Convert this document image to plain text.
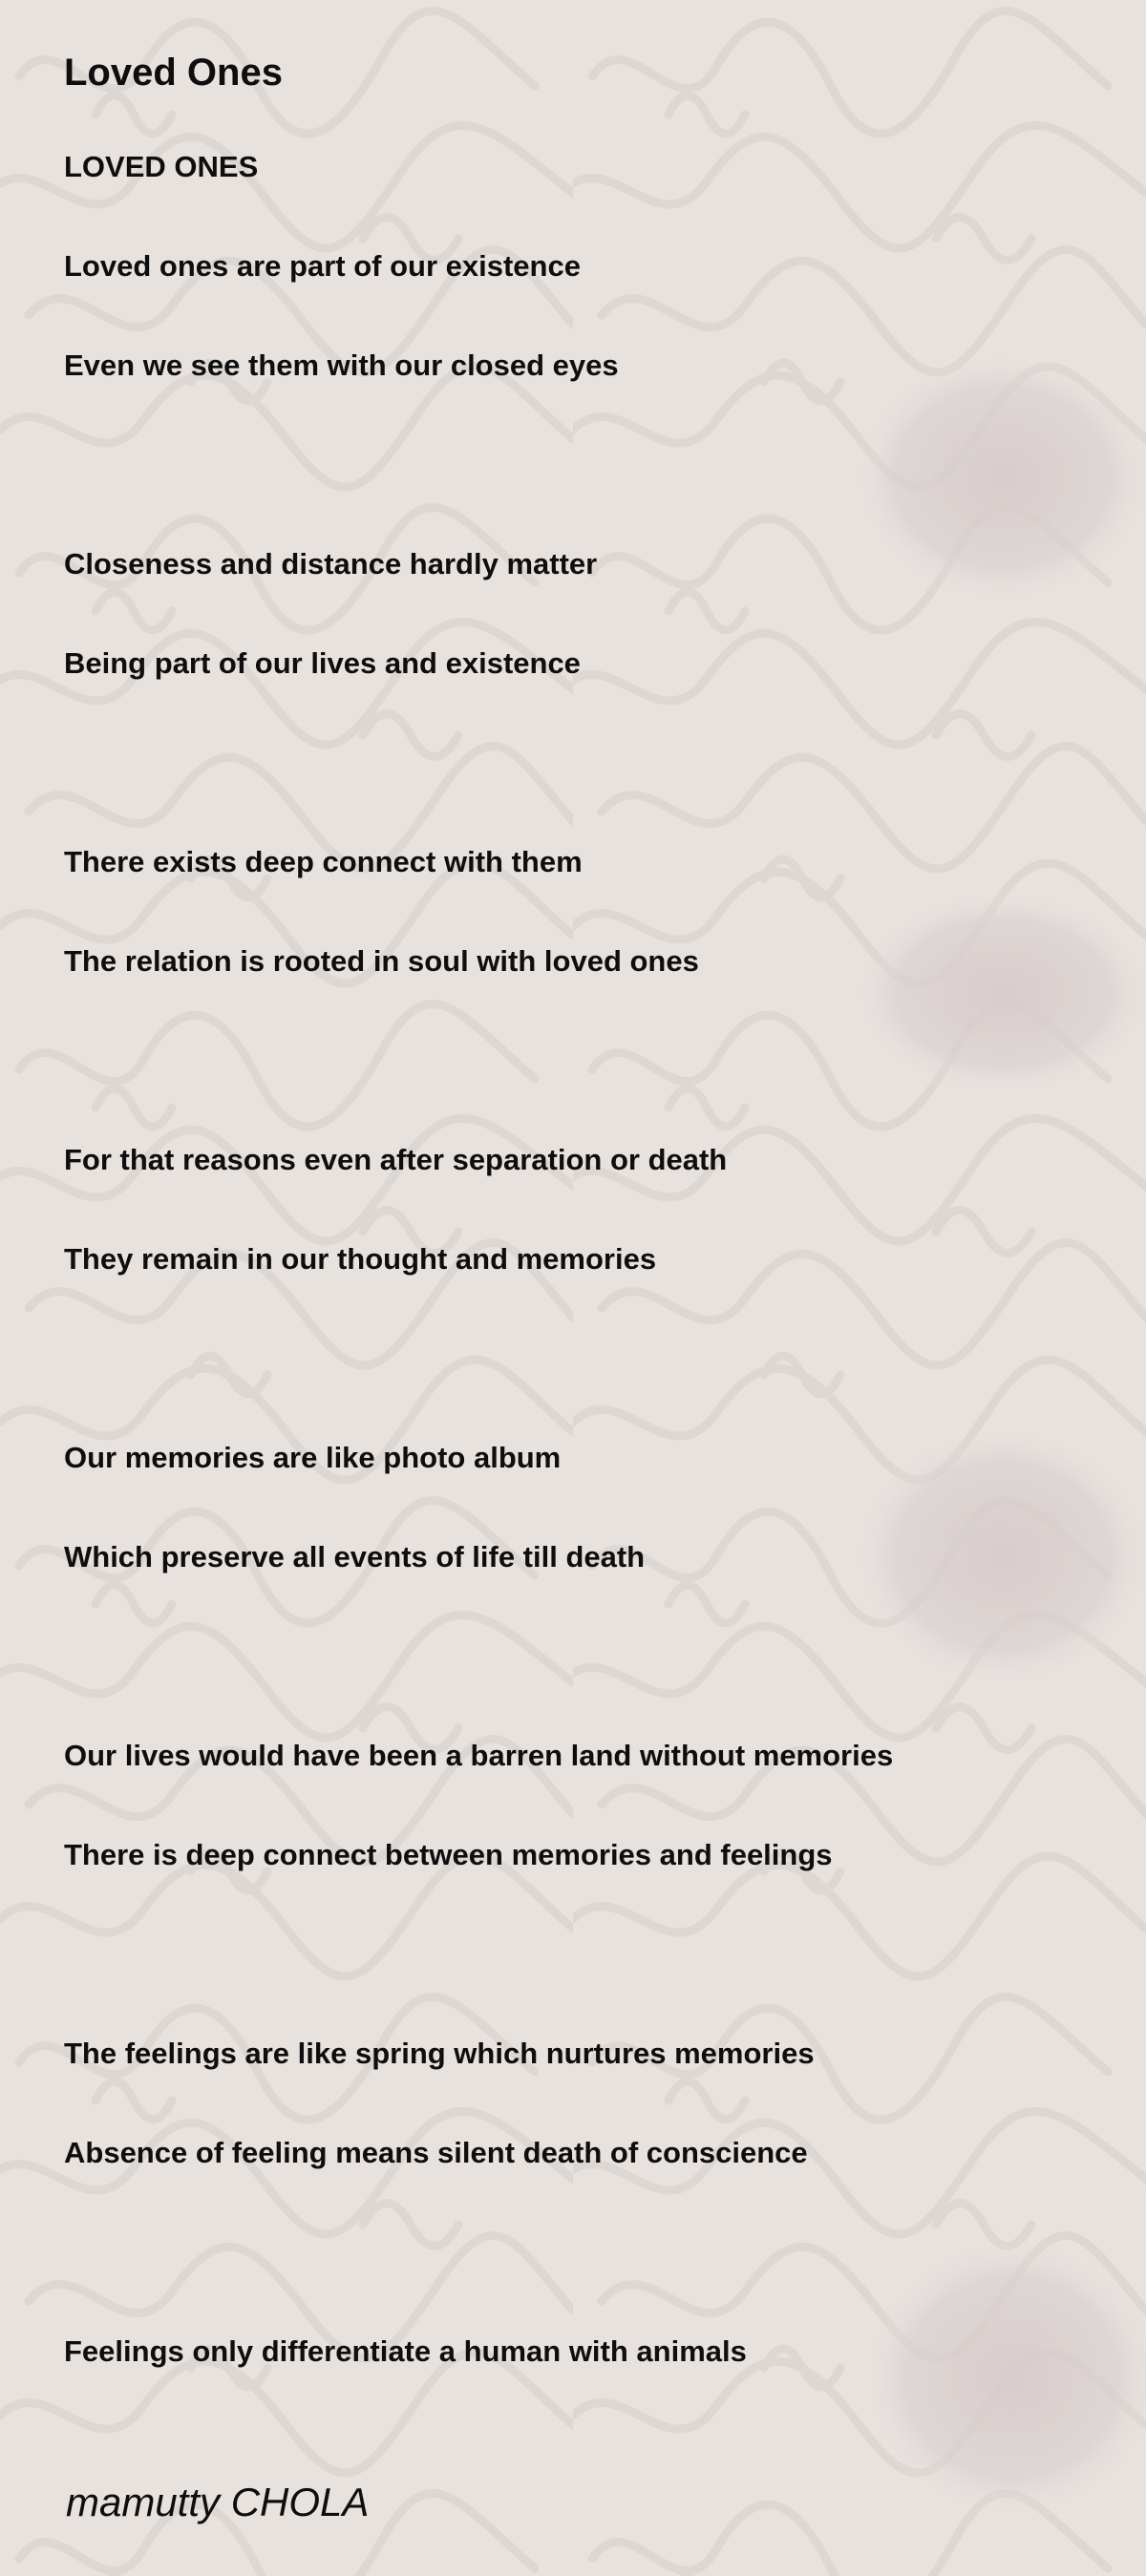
Loved Ones

LOVED ONES

Loved ones are part of our existence

Even we see them with our closed eyes

Closeness and distance hardly matter

Being part of our lives and existence

There exists deep connect with them

The relation is rooted in soul with loved ones

For that reasons even after separation or death

They remain in our thought and memories

Our memories are like photo album

Which preserve all events of life till death

Our lives would have been a barren land without memories

There is deep connect between memories and feelings

The feelings are like spring which nurtures memories

Absence of feeling means silent death of conscience

Feelings only differentiate a human with animals

mamutty CHOLA
